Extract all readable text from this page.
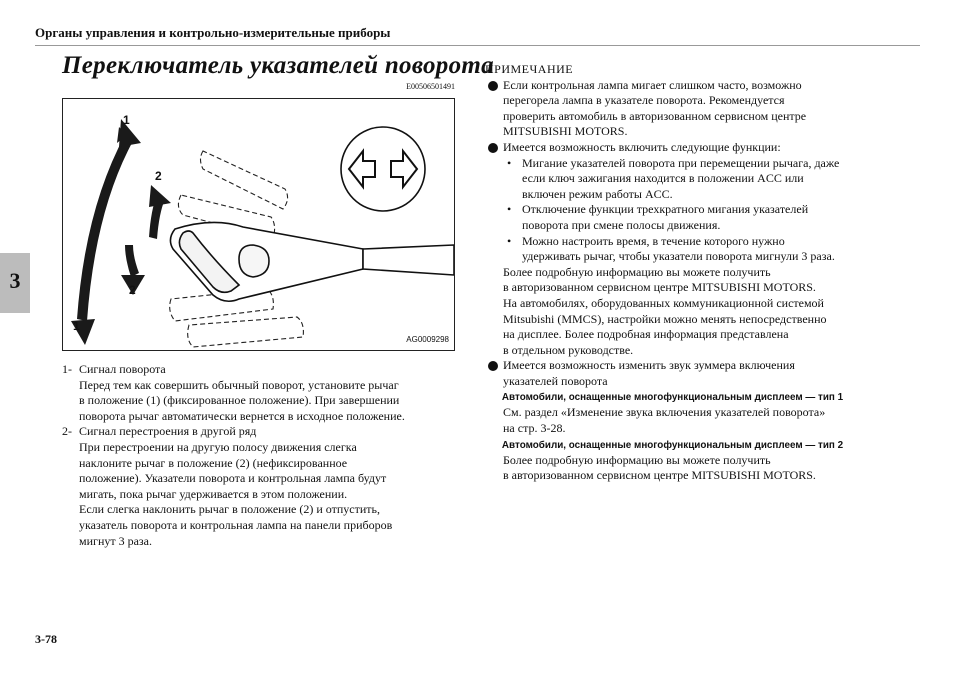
Органы управления и контрольно-измерительные приборы
3
Переключатель указателей поворота
E00506501491
1
2
2
1
AG0009298
1- Сигнал поворота
Перед тем как совершить обычный поворот, установите рычаг
в положение (1) (фиксированное положение). При завершении
поворота рычаг автоматически вернется в исходное положение.
2- Сигнал перестроения в другой ряд
При перестроении на другую полосу движения слегка
наклоните рычаг в положение (2) (нефиксированное
положение). Указатели поворота и контрольная лампа будут
мигать, пока рычаг удерживается в этом положении.
Если слегка наклонить рычаг в положение (2) и отпустить,
указатель поворота и контрольная лампа на панели приборов
мигнут 3 раза.
ПРИМЕЧАНИЕ
Если контрольная лампа мигает слишком часто, возможно
перегорела лампа в указателе поворота. Рекомендуется
проверить автомобиль в авторизованном сервисном центре
MITSUBISHI MOTORS.
Имеется возможность включить следующие функции:
• Мигание указателей поворота при перемещении рычага, даже
если ключ зажигания находится в положении ACC или
включен режим работы ACC.
• Отключение функции трехкратного мигания указателей
поворота при смене полосы движения.
• Можно настроить время, в течение которого нужно
удерживать рычаг, чтобы указатели поворота мигнули 3 раза.
Более подробную информацию вы можете получить
в авторизованном сервисном центре MITSUBISHI MOTORS.
На автомобилях, оборудованных коммуникационной системой
Mitsubishi (MMCS), настройки можно менять непосредственно
на дисплее. Более подробная информация представлена
в отдельном руководстве.
Имеется возможность изменить звук зуммера включения
указателей поворота
Автомобили, оснащенные многофункциональным дисплеем — тип 1
См. раздел «Изменение звука включения указателей поворота»
на стр. 3-28.
Автомобили, оснащенные многофункциональным дисплеем — тип 2
Более подробную информацию вы можете получить
в авторизованном сервисном центре MITSUBISHI MOTORS.
3-78
